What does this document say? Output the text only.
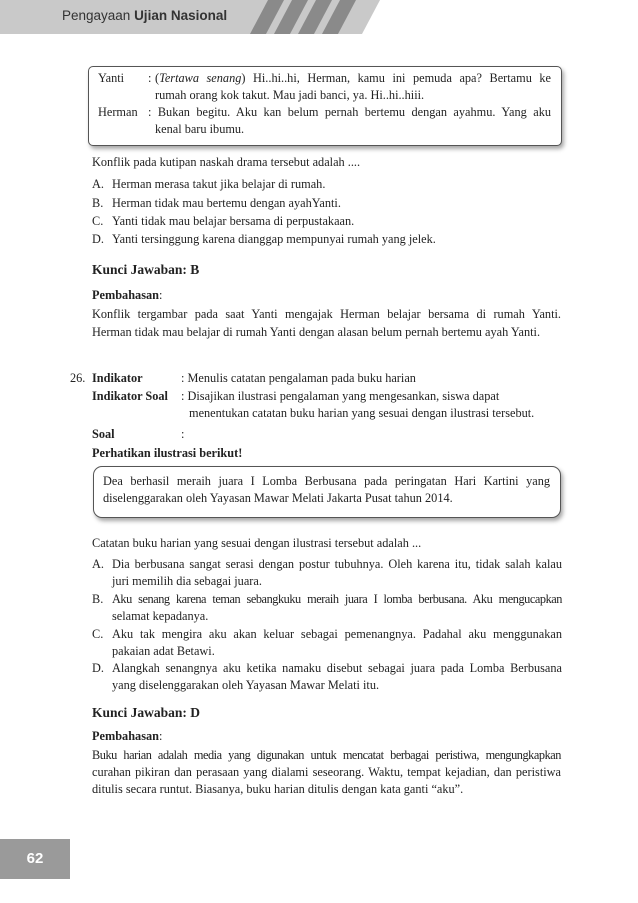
Pengayaan Ujian Nasional
Yanti : (Tertawa senang) Hi..hi..hi, Herman, kamu ini pemuda apa? Bertamu ke
rumah orang kok takut. Mau jadi banci, ya. Hi..hi..hiii.
Herman : Bukan begitu. Aku kan belum pernah bertemu dengan ayahmu. Yang aku
kenal baru ibumu.
Konflik pada kutipan naskah drama tersebut adalah ....
A. Herman merasa takut jika belajar di rumah.
B. Herman tidak mau bertemu dengan ayahYanti.
C. Yanti tidak mau belajar bersama di perpustakaan.
D. Yanti tersinggung karena dianggap mempunyai rumah yang jelek.
Kunci Jawaban: B
Pembahasan:
Konflik tergambar pada saat Yanti mengajak Herman belajar bersama di rumah Yanti.
Herman tidak mau belajar di rumah Yanti dengan alasan belum pernah bertemu ayah Yanti.
26. Indikator	: Menulis catatan pengalaman pada buku harian
Indikator Soal : Disajikan ilustrasi pengalaman yang mengesankan, siswa dapat
menentukan catatan buku harian yang sesuai dengan ilustrasi tersebut.
Soal	:
Perhatikan ilustrasi berikut!
Dea berhasil meraih juara I Lomba Berbusana pada peringatan Hari Kartini yang
diselenggarakan oleh Yayasan Mawar Melati Jakarta Pusat tahun 2014.
Catatan buku harian yang sesuai dengan ilustrasi tersebut adalah ...
A. Dia berbusana sangat serasi dengan postur tubuhnya. Oleh karena itu, tidak salah kalau
juri memilih dia sebagai juara.
B. Aku senang karena teman sebangkuku meraih juara I lomba berbusana. Aku mengucapkan
selamat kepadanya.
C. Aku tak mengira aku akan keluar sebagai pemenangnya. Padahal aku menggunakan
pakaian adat Betawi.
D. Alangkah senangnya aku ketika namaku disebut sebagai juara pada Lomba Berbusana
yang diselenggarakan oleh Yayasan Mawar Melati itu.
Kunci Jawaban: D
Pembahasan:
Buku harian adalah media yang digunakan untuk mencatat berbagai peristiwa, mengungkapkan
curahan pikiran dan perasaan yang dialami seseorang. Waktu, tempat kejadian, dan peristiwa
ditulis secara runtut. Biasanya, buku harian ditulis dengan kata ganti “aku”.
62
